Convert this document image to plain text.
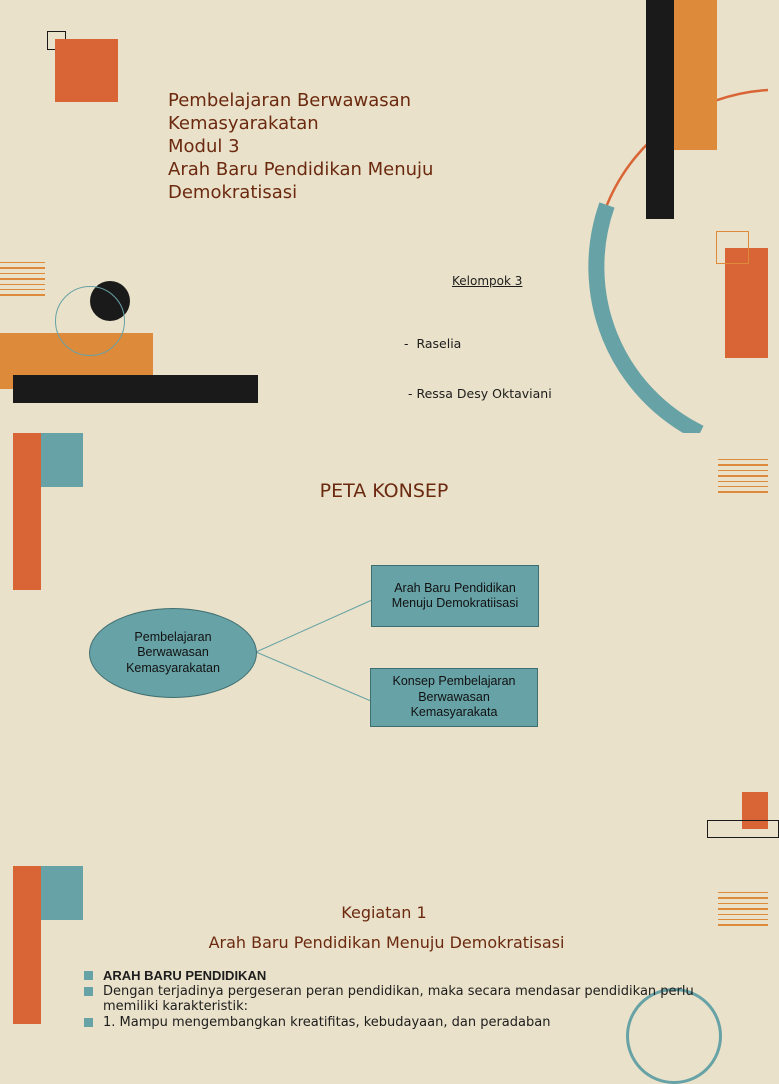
Pembelajaran Berwawasan
Kemasyarakatan
Modul 3
Arah Baru Pendidikan Menuju
Demokratisasi
Kelompok 3

-  Raselia

- Ressa Desy Oktaviani

PETA KONSEP
Pembelajaran Berwawasan Kemasyarakatan
Arah Baru Pendidikan Menuju Demokratiisasi
Konsep Pembelajaran Berwawasan Kemasyarakata
Kegiatan 1
Arah Baru Pendidikan Menuju Demokratisasi
ARAH BARU PENDIDIKAN
Dengan terjadinya pergeseran peran pendidikan, maka secara mendasar pendidikan perlu memiliki karakteristik:
1. Mampu mengembangkan kreatifitas, kebudayaan, dan peradaban
